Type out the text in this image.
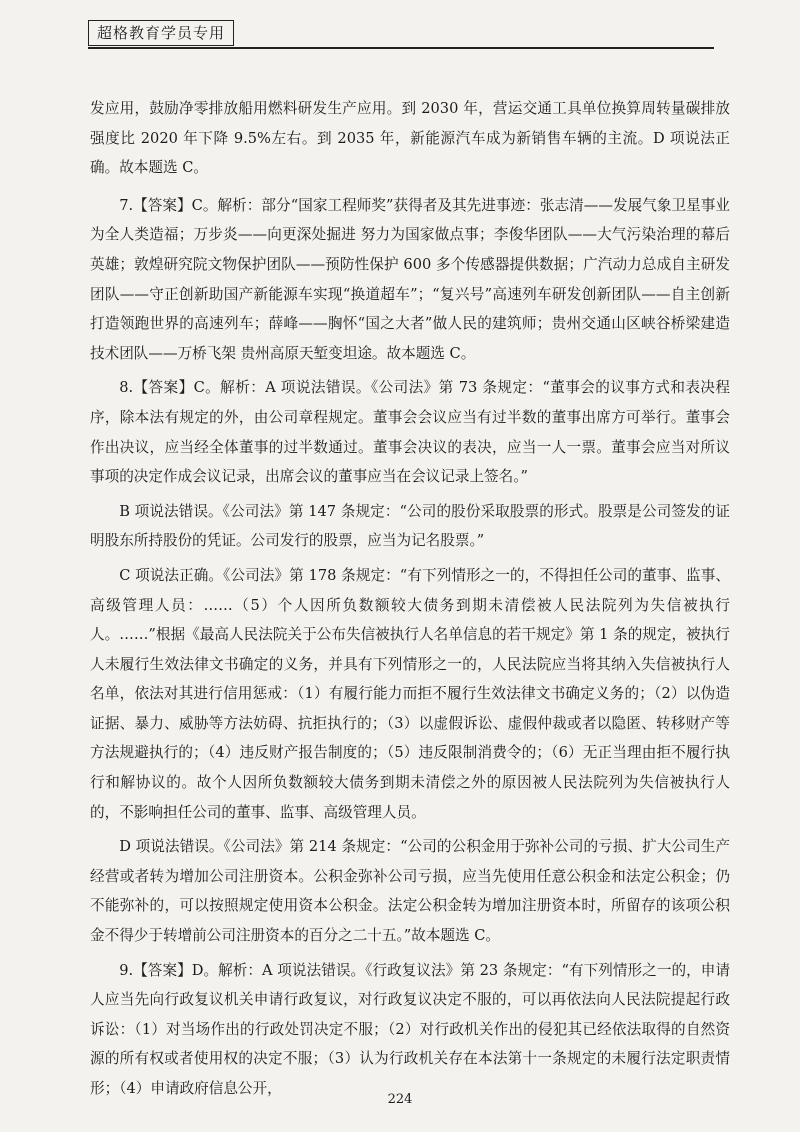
超格教育学员专用

发应用，鼓励净零排放船用燃料研发生产应用。到 2030 年，营运交通工具单位换算周转量碳排放强度比 2020 年下降 9.5%左右。到 2035 年，新能源汽车成为新销售车辆的主流。D 项说法正确。故本题选 C。

7.【答案】C。解析：部分“国家工程师奖”获得者及其先进事迹：张志清——发展气象卫星事业 为全人类造福；万步炎——向更深处掘进 努力为国家做点事；李俊华团队——大气污染治理的幕后英雄；敦煌研究院文物保护团队——预防性保护 600 多个传感器提供数据；广汽动力总成自主研发团队——守正创新助国产新能源车实现“换道超车”；“复兴号”高速列车研发创新团队——自主创新 打造领跑世界的高速列车；薛峰——胸怀“国之大者”做人民的建筑师；贵州交通山区峡谷桥梁建造技术团队——万桥飞架 贵州高原天堑变坦途。故本题选 C。

8.【答案】C。解析：A 项说法错误。《公司法》第 73 条规定：“董事会的议事方式和表决程序，除本法有规定的外，由公司章程规定。董事会会议应当有过半数的董事出席方可举行。董事会作出决议，应当经全体董事的过半数通过。董事会决议的表决，应当一人一票。董事会应当对所议事项的决定作成会议记录，出席会议的董事应当在会议记录上签名。”

B 项说法错误。《公司法》第 147 条规定：“公司的股份采取股票的形式。股票是公司签发的证明股东所持股份的凭证。公司发行的股票，应当为记名股票。”

C 项说法正确。《公司法》第 178 条规定：“有下列情形之一的，不得担任公司的董事、监事、高级管理人员：……（5）个人因所负数额较大债务到期未清偿被人民法院列为失信被执行人。……”根据《最高人民法院关于公布失信被执行人名单信息的若干规定》第 1 条的规定，被执行人未履行生效法律文书确定的义务，并具有下列情形之一的，人民法院应当将其纳入失信被执行人名单，依法对其进行信用惩戒：（1）有履行能力而拒不履行生效法律文书确定义务的；（2）以伪造证据、暴力、威胁等方法妨碍、抗拒执行的；（3）以虚假诉讼、虚假仲裁或者以隐匿、转移财产等方法规避执行的；（4）违反财产报告制度的；（5）违反限制消费令的；（6）无正当理由拒不履行执行和解协议的。故个人因所负数额较大债务到期未清偿之外的原因被人民法院列为失信被执行人的，不影响担任公司的董事、监事、高级管理人员。

D 项说法错误。《公司法》第 214 条规定：“公司的公积金用于弥补公司的亏损、扩大公司生产经营或者转为增加公司注册资本。公积金弥补公司亏损，应当先使用任意公积金和法定公积金；仍不能弥补的，可以按照规定使用资本公积金。法定公积金转为增加注册资本时，所留存的该项公积金不得少于转增前公司注册资本的百分之二十五。”故本题选 C。

9.【答案】D。解析：A 项说法错误。《行政复议法》第 23 条规定：“有下列情形之一的，申请人应当先向行政复议机关申请行政复议，对行政复议决定不服的，可以再依法向人民法院提起行政诉讼：（1）对当场作出的行政处罚决定不服；（2）对行政机关作出的侵犯其已经依法取得的自然资源的所有权或者使用权的决定不服；（3）认为行政机关存在本法第十一条规定的未履行法定职责情形；（4）申请政府信息公开，

224
